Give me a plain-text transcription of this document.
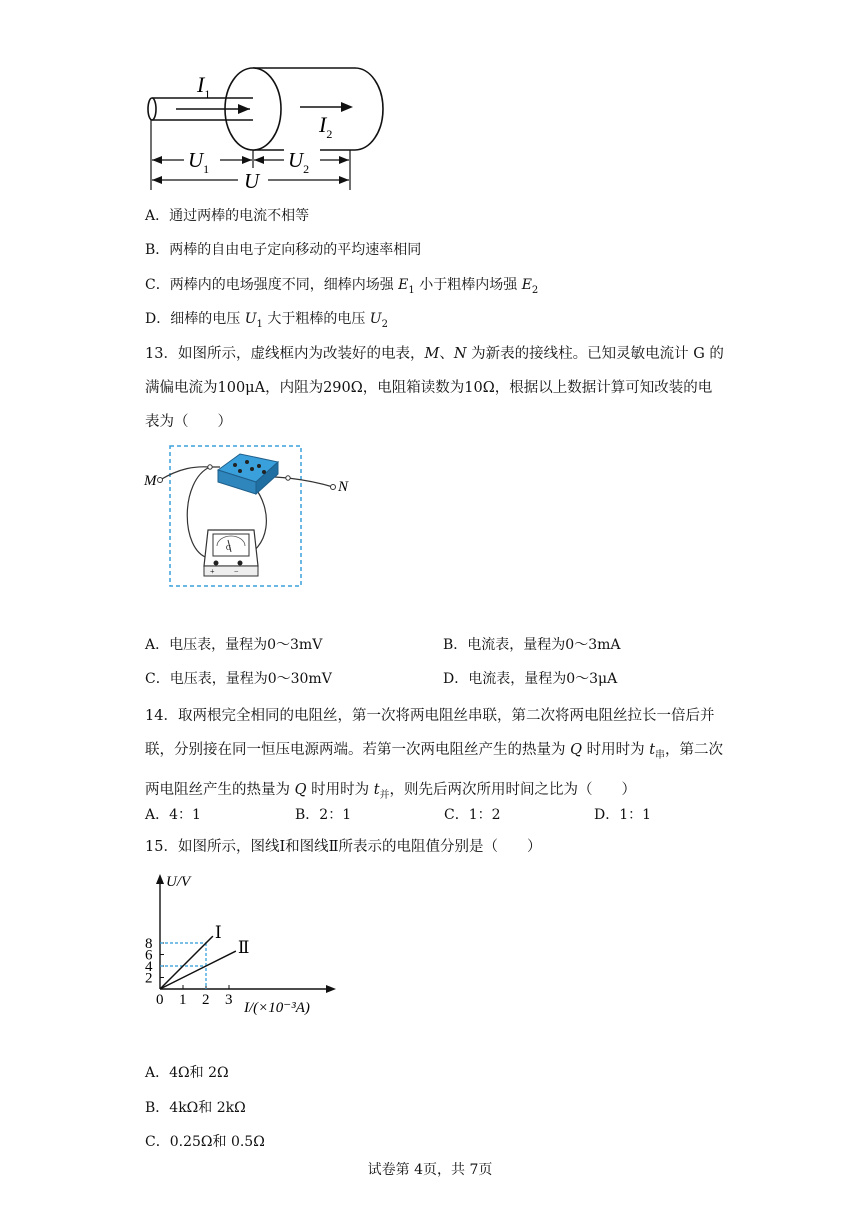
$I_1$
$I_2$
$U_1$	$U_2$
U
A．通过两棒的电流不相等
B．两棒的自由电子定向移动的平均速率相同
C．两棒内的电场强度不同，细棒内场强 $E_1$ 小于粗棒内场强 $E_2$
D．细棒的电压 $U_1$ 大于粗棒的电压 $U_2$
13．如图所示，虚线框内为改装好的电表，M、N 为新表的接线柱。已知灵敏电流计 G 的满偏电流为100μA，内阻为290Ω，电阻箱读数为10Ω，根据以上数据计算可知改装的电表为（　　）
M	N
G
+ −
A．电压表，量程为0～3mV	B．电流表，量程为0～3mA
C．电压表，量程为0～30mV	D．电流表，量程为0～3μA
14．取两根完全相同的电阻丝，第一次将两电阻丝串联，第二次将两电阻丝拉长一倍后并联，分别接在同一恒压电源两端。若第一次两电阻丝产生的热量为 Q 时用时为 $t_串$，第二次两电阻丝产生的热量为 Q 时用时为 $t_并$，则先后两次所用时间之比为（　　）
A．4：1	B．2：1	C．1：2	D．1：1
15．如图所示，图线Ⅰ和图线Ⅱ所表示的电阻值分别是（　　）
0 1 2 3
2
4
6
8
U/V
I/(×10⁻³A)
Ⅰ
Ⅱ
A．4Ω和 2Ω
B．4kΩ和 2kΩ
C．0.25Ω和 0.5Ω
试卷第 4页，共 7页
